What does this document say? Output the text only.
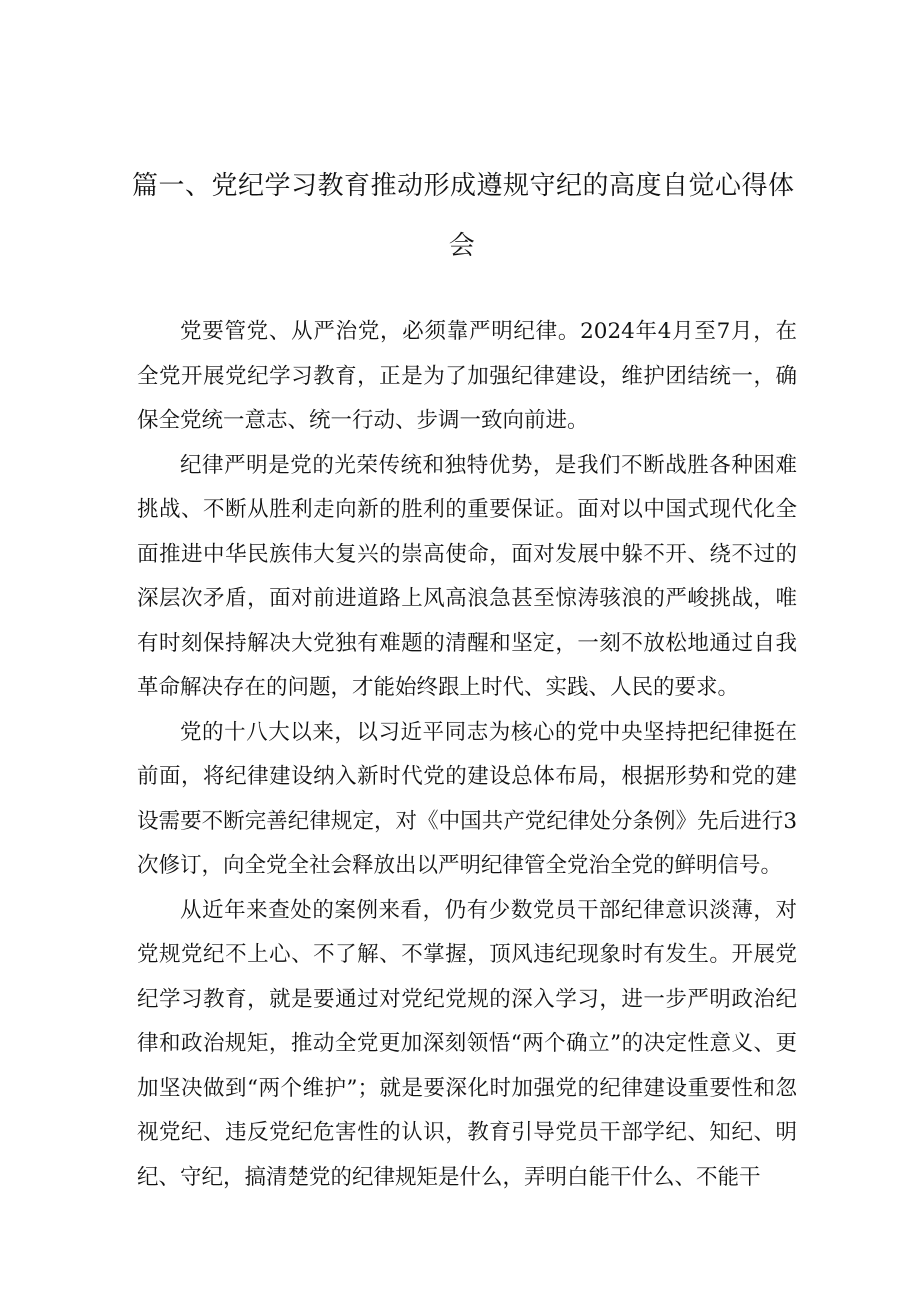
篇一、党纪学习教育推动形成遵规守纪的高度自觉心得体
会

党要管党、从严治党，必须靠严明纪律。2024年4月至7月，在全党开展党纪学习教育，正是为了加强纪律建设，维护团结统一，确保全党统一意志、统一行动、步调一致向前进。

纪律严明是党的光荣传统和独特优势，是我们不断战胜各种困难挑战、不断从胜利走向新的胜利的重要保证。面对以中国式现代化全面推进中华民族伟大复兴的崇高使命，面对发展中躲不开、绕不过的深层次矛盾，面对前进道路上风高浪急甚至惊涛骇浪的严峻挑战，唯有时刻保持解决大党独有难题的清醒和坚定，一刻不放松地通过自我革命解决存在的问题，才能始终跟上时代、实践、人民的要求。

党的十八大以来，以习近平同志为核心的党中央坚持把纪律挺在前面，将纪律建设纳入新时代党的建设总体布局，根据形势和党的建设需要不断完善纪律规定，对《中国共产党纪律处分条例》先后进行3次修订，向全党全社会释放出以严明纪律管全党治全党的鲜明信号。

从近年来查处的案例来看，仍有少数党员干部纪律意识淡薄，对党规党纪不上心、不了解、不掌握，顶风违纪现象时有发生。开展党纪学习教育，就是要通过对党纪党规的深入学习，进一步严明政治纪律和政治规矩，推动全党更加深刻领悟“两个确立”的决定性意义、更加坚决做到“两个维护”；就是要深化时加强党的纪律建设重要性和忽视党纪、违反党纪危害性的认识，教育引导党员干部学纪、知纪、明纪、守纪，搞清楚党的纪律规矩是什么，弄明白能干什么、不能干
